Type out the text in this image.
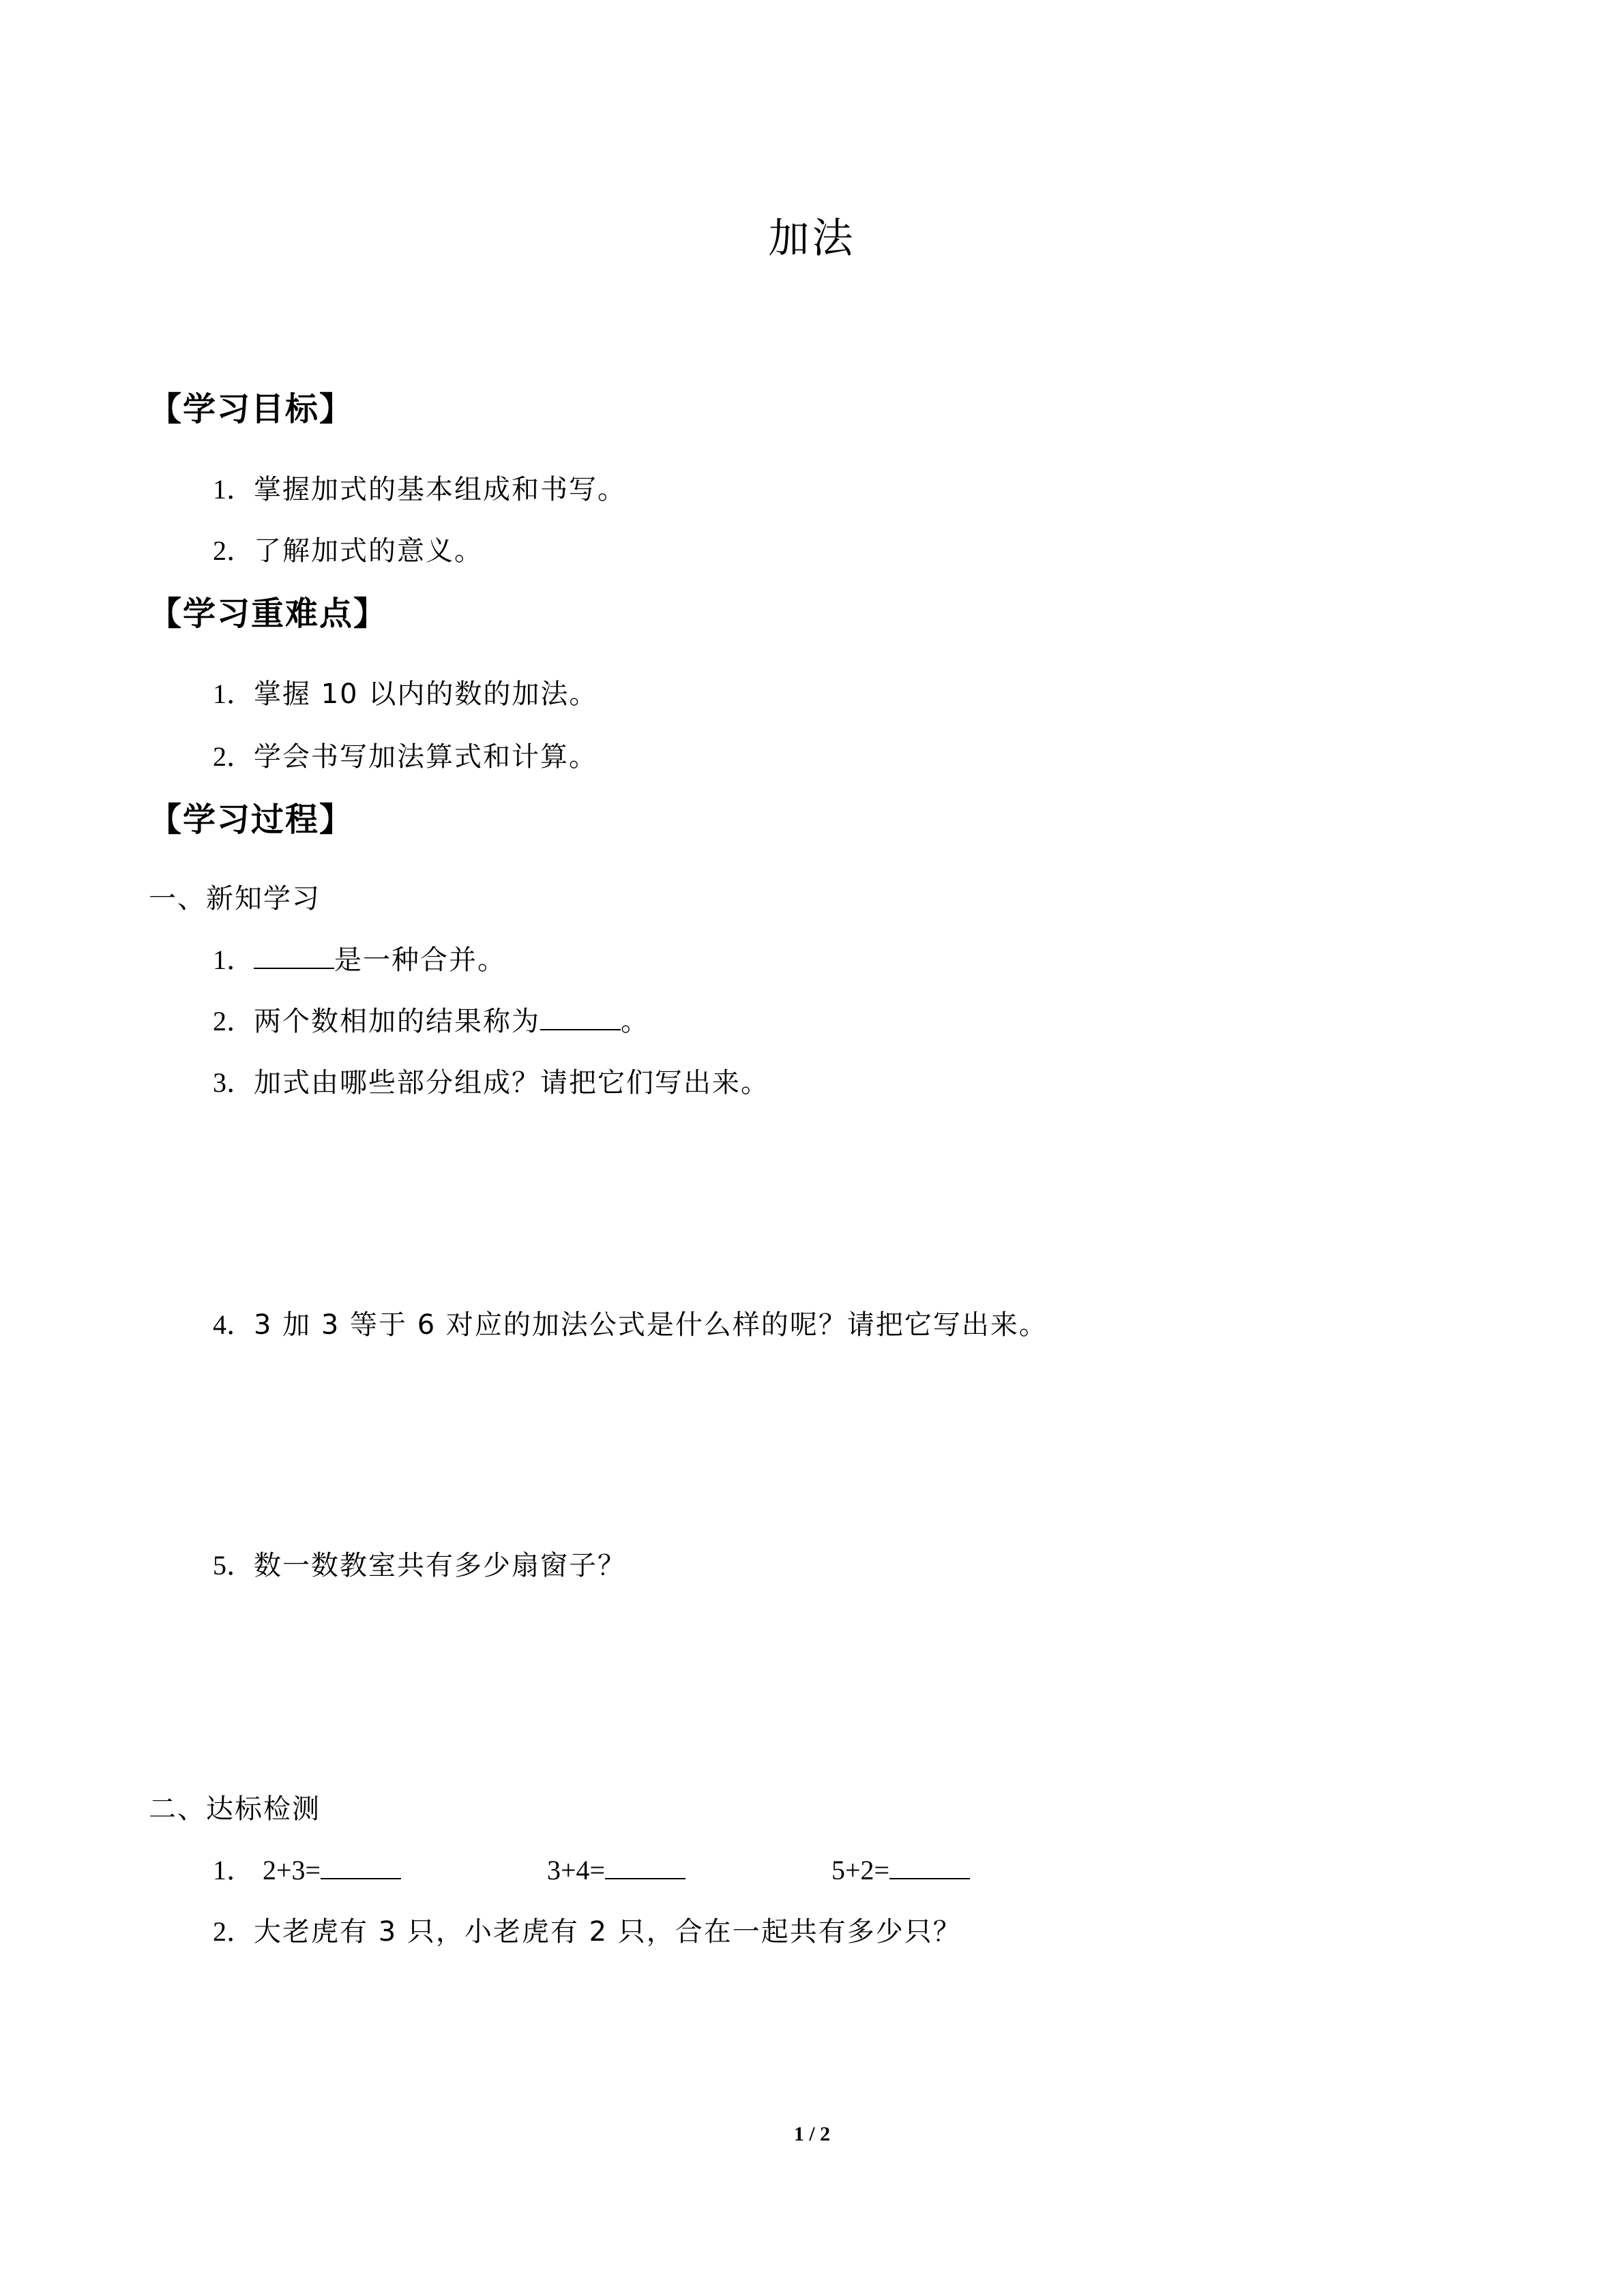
加法
【学习目标】
1．掌握加式的基本组成和书写。
2．了解加式的意义。
【学习重难点】
1．掌握 10 以内的数的加法。
2．学会书写加法算式和计算。
【学习过程】
一、新知学习
1．	是一种合并。
2．两个数相加的结果称为	。
3．加式由哪些部分组成？请把它们写出来。
4．3 加 3 等于 6 对应的加法公式是什么样的呢？请把它写出来。
5．数一数教室共有多少扇窗子？
二、达标检测
1． 2+3=	3+4=	5+2=
2．大老虎有 3 只，小老虎有 2 只，合在一起共有多少只？
1 / 2
